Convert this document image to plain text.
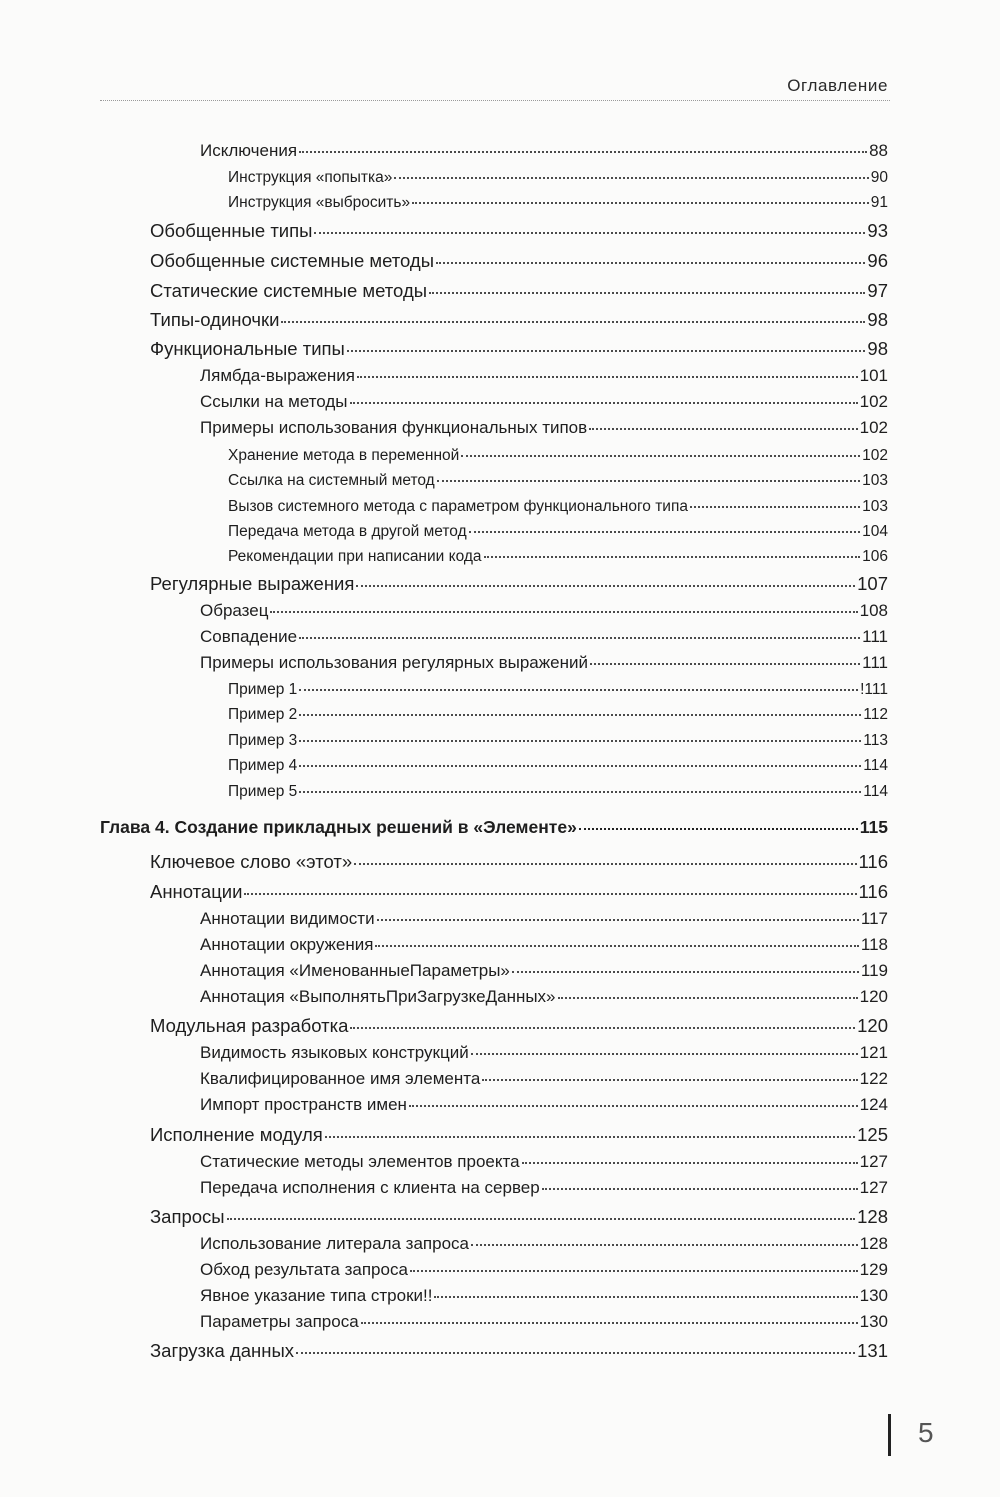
Оглавление
Исключения	88
Инструкция «попытка»	90
Инструкция «выбросить»	91
Обобщенные типы	93
Обобщенные системные методы	96
Статические системные методы	97
Типы-одиночки	98
Функциональные типы	98
Лямбда-выражения	101
Ссылки на методы	102
Примеры использования функциональных типов	102
Хранение метода в переменной	102
Ссылка на системный метод	103
Вызов системного метода с параметром функционального типа	103
Передача метода в другой метод	104
Рекомендации при написании кода	106
Регулярные выражения	107
Образец	108
Совпадение	111
Примеры использования регулярных выражений	111
Пример 1	!111
Пример 2	112
Пример 3	113
Пример 4	114
Пример 5	114
Глава 4. Создание прикладных решений в «Элементе»	115
Ключевое слово «этот»	116
Аннотации	116
Аннотации видимости	117
Аннотации окружения	118
Аннотация «ИменованныеПараметры»	119
Аннотация «ВыполнятьПриЗагрузкеДанных»	120
Модульная разработка	120
Видимость языковых конструкций	121
Квалифицированное имя элемента	122
Импорт пространств имен	124
Исполнение модуля	125
Статические методы элементов проекта	127
Передача исполнения с клиента на сервер	127
Запросы	128
Использование литерала запроса	128
Обход результата запроса	129
Явное указание типа строки!!	130
Параметры запроса	130
Загрузка данных	131
5
